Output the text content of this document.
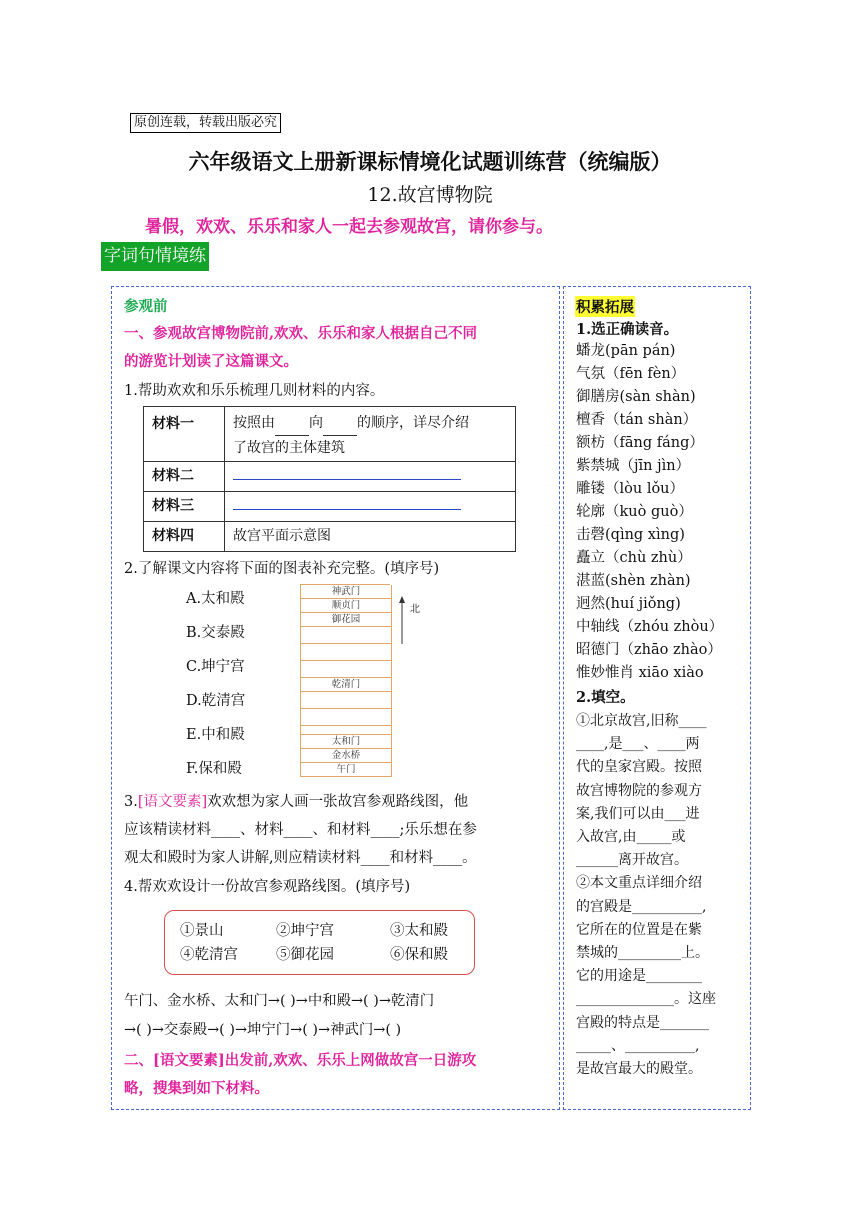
原创连载，转载出版必究
六年级语文上册新课标情境化试题训练营（统编版）
12.故宫博物院
暑假，欢欢、乐乐和家人一起去参观故宫，请你参与。
字词句情境练
参观前
一、参观故宫博物院前,欢欢、乐乐和家人根据自己不同
的游览计划读了这篇课文。
1.帮助欢欢和乐乐梳理几则材料的内容。
材料一	按照由 向 的顺序，详尽介绍
了故宫的主体建筑
材料二	
材料三	
材料四	故宫平面示意图
2.了解课文内容将下面的图表补充完整。(填序号)
A.太和殿
B.交泰殿
C.坤宁宫
D.乾清宫
E.中和殿
F.保和殿
神武门
顺贞门
御花园
乾清门
太和门
金水桥
午门
北
3.[语文要素]欢欢想为家人画一张故宫参观路线图，他
应该精读材料____、材料____、和材料____;乐乐想在参
观太和殿时为家人讲解,则应精读材料____和材料____。
4.帮欢欢设计一份故宫参观路线图。(填序号)
①景山	②坤宁宫	③太和殿
④乾清宫	⑤御花园	⑥保和殿
午门、金水桥、太和门→( )→中和殿→( )→乾清门
→( )→交泰殿→( )→坤宁门→( )→神武门→( )
二、[语文要素]出发前,欢欢、乐乐上网做故宫一日游攻
略，搜集到如下材料。
积累拓展
1.选正确读音。
蟠龙(pān pán)
气氛（fēn fèn）
御膳房(sàn shàn)
檀香（tán shàn）
额枋（fāng fáng）
紫禁城（jīn jìn）
雕镂（lòu lǒu）
轮廓（kuò guò）
击磬(qìng xìng)
矗立（chù zhù）
湛蓝(shèn zhàn)
迥然(huí jiǒng)
中轴线（zhóu zhòu）
昭德门（zhāo zhào）
惟妙惟肖 xiāo xiào
2.填空。
①北京故宫,旧称____
____,是___、____两
代的皇家宫殿。按照
故宫博物院的参观方
案,我们可以由___进
入故宫,由_____或
______离开故宫。
②本文重点详细介绍
的宫殿是__________,
它所在的位置是在紫
禁城的_________上。
它的用途是________
______________。这座
宫殿的特点是_______
_____、__________,
是故宫最大的殿堂。
